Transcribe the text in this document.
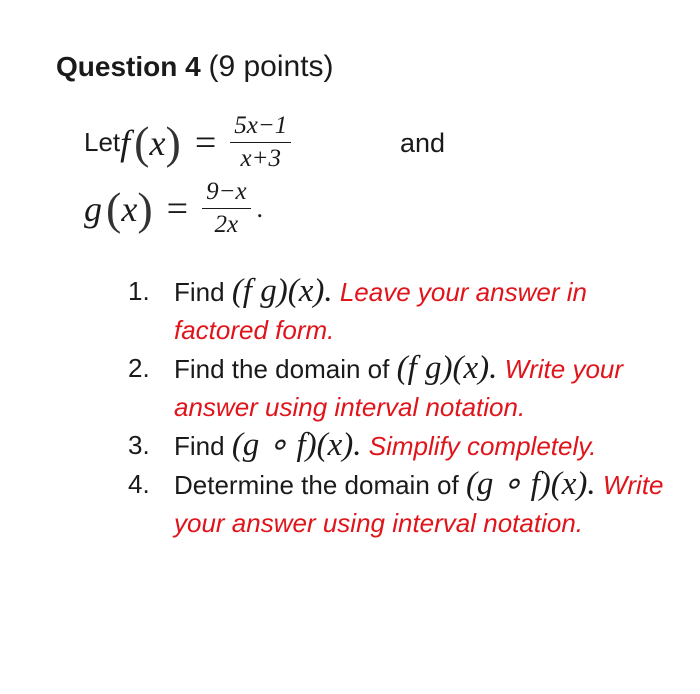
Question 4 (9 points)
Let f ( x ) = $\frac{5x-1}{x+3}$	and
g ( x ) = $\frac{9-x}{2x}$ .
1. Find (f g)(x). Leave your answer in factored form.
2. Find the domain of (f g)(x). Write your answer using interval notation.
3. Find (g ∘ f)(x). Simplify completely.
4. Determine the domain of (g ∘ f)(x). Write your answer using interval notation.
